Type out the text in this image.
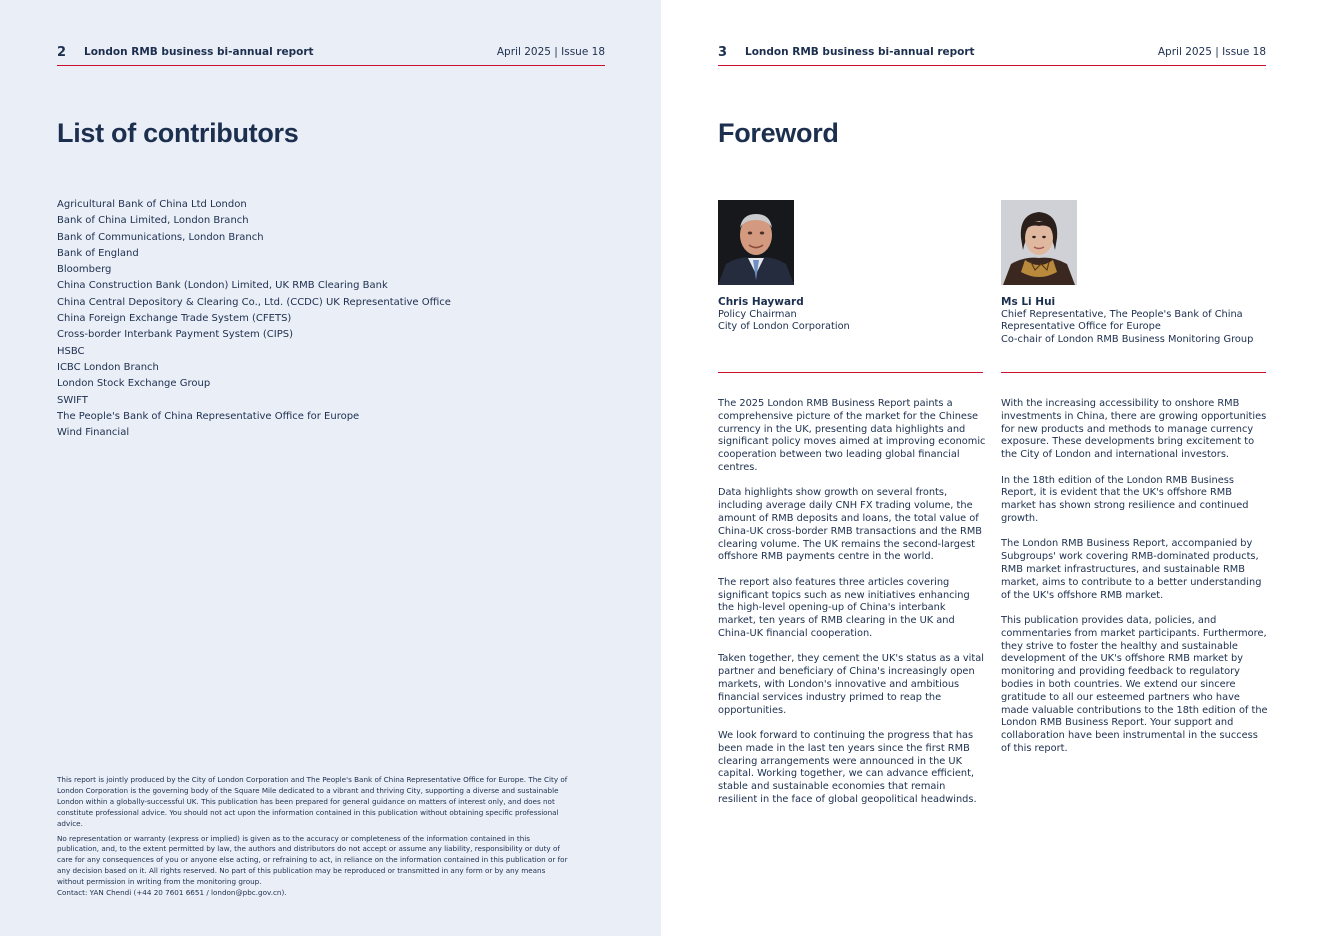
2 London RMB business bi-annual report	April 2025 | Issue 18
List of contributors
Agricultural Bank of China Ltd London
Bank of China Limited, London Branch
Bank of Communications, London Branch
Bank of England
Bloomberg
China Construction Bank (London) Limited, UK RMB Clearing Bank
China Central Depository & Clearing Co., Ltd. (CCDC) UK Representative Office
China Foreign Exchange Trade System (CFETS)
Cross-border Interbank Payment System (CIPS)
HSBC
ICBC London Branch
London Stock Exchange Group
SWIFT
The People's Bank of China Representative Office for Europe
Wind Financial

This report is jointly produced by the City of London Corporation and The People's Bank of China Representative Office for Europe. The City of London Corporation is the governing body of the Square Mile dedicated to a vibrant and thriving City, supporting a diverse and sustainable London within a globally-successful UK. This publication has been prepared for general guidance on matters of interest only, and does not constitute professional advice. You should not act upon the information contained in this publication without obtaining specific professional advice.

No representation or warranty (express or implied) is given as to the accuracy or completeness of the information contained in this publication, and, to the extent permitted by law, the authors and distributors do not accept or assume any liability, responsibility or duty of care for any consequences of you or anyone else acting, or refraining to act, in reliance on the information contained in this publication or for any decision based on it. All rights reserved. No part of this publication may be reproduced or transmitted in any form or by any means without permission in writing from the monitoring group.

Contact: YAN Chendi (+44 20 7601 6651 / london@pbc.gov.cn).

3 London RMB business bi-annual report	April 2025 | Issue 18
Foreword
Chris Hayward
Policy Chairman
City of London Corporation
Ms Li Hui
Chief Representative, The People's Bank of China
Representative Office for Europe
Co-chair of London RMB Business Monitoring Group

The 2025 London RMB Business Report paints a comprehensive picture of the market for the Chinese currency in the UK, presenting data highlights and significant policy moves aimed at improving economic cooperation between two leading global financial centres.

Data highlights show growth on several fronts, including average daily CNH FX trading volume, the amount of RMB deposits and loans, the total value of China-UK cross-border RMB transactions and the RMB clearing volume. The UK remains the second-largest offshore RMB payments centre in the world.

The report also features three articles covering significant topics such as new initiatives enhancing the high-level opening-up of China's interbank market, ten years of RMB clearing in the UK and China-UK financial cooperation.

Taken together, they cement the UK's status as a vital partner and beneficiary of China's increasingly open markets, with London's innovative and ambitious financial services industry primed to reap the opportunities.

We look forward to continuing the progress that has been made in the last ten years since the first RMB clearing arrangements were announced in the UK capital. Working together, we can advance efficient, stable and sustainable economies that remain resilient in the face of global geopolitical headwinds.

With the increasing accessibility to onshore RMB investments in China, there are growing opportunities for new products and methods to manage currency exposure. These developments bring excitement to the City of London and international investors.

In the 18th edition of the London RMB Business Report, it is evident that the UK's offshore RMB market has shown strong resilience and continued growth.

The London RMB Business Report, accompanied by Subgroups' work covering RMB-dominated products, RMB market infrastructures, and sustainable RMB market, aims to contribute to a better understanding of the UK's offshore RMB market.

This publication provides data, policies, and commentaries from market participants. Furthermore, they strive to foster the healthy and sustainable development of the UK's offshore RMB market by monitoring and providing feedback to regulatory bodies in both countries. We extend our sincere gratitude to all our esteemed partners who have made valuable contributions to the 18th edition of the London RMB Business Report. Your support and collaboration have been instrumental in the success of this report.
